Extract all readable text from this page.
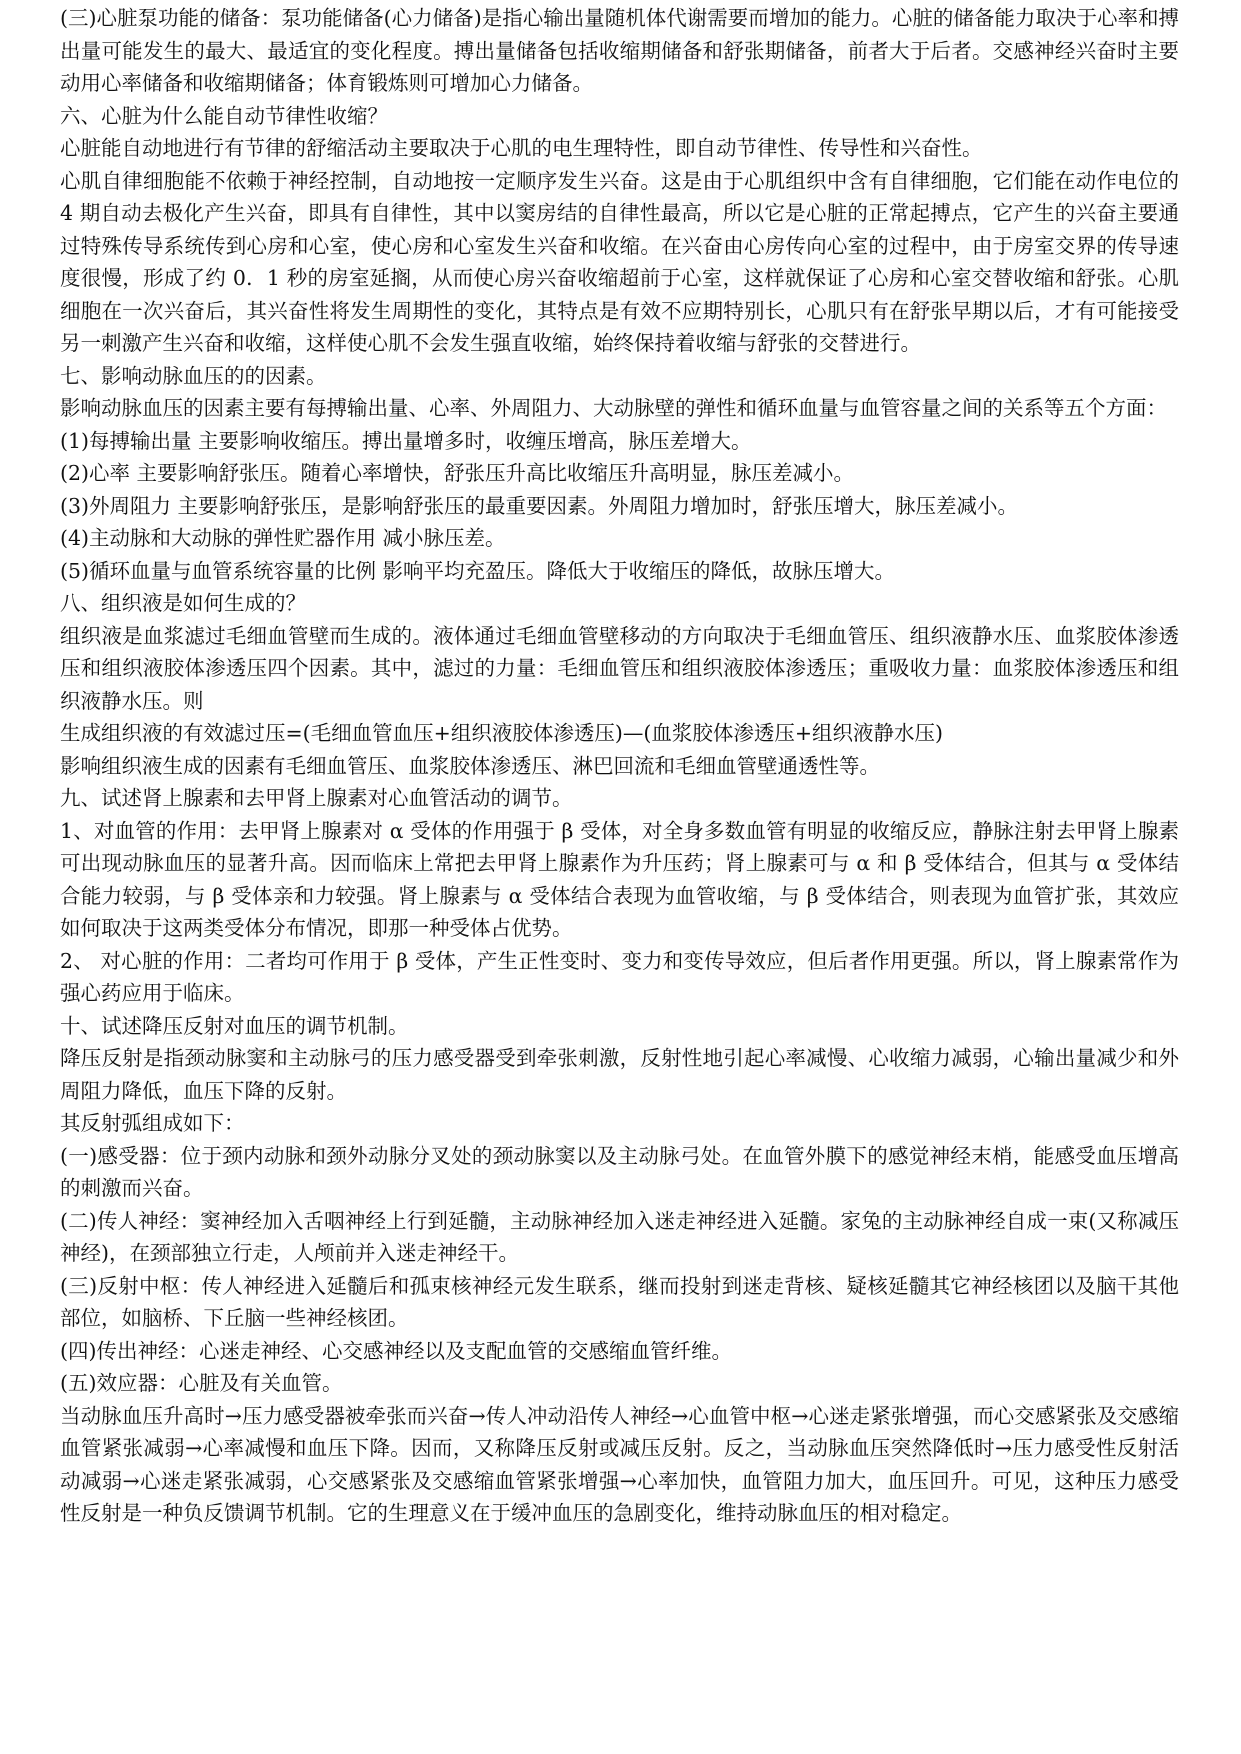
(三)心脏泵功能的储备：泵功能储备(心力储备)是指心输出量随机体代谢需要而增加的能力。心脏的储备能力取决于心率和搏出量可能发生的最大、最适宜的变化程度。搏出量储备包括收缩期储备和舒张期储备，前者大于后者。交感神经兴奋时主要动用心率储备和收缩期储备；体育锻炼则可增加心力储备。

六、心脏为什么能自动节律性收缩？

心脏能自动地进行有节律的舒缩活动主要取决于心肌的电生理特性，即自动节律性、传导性和兴奋性。

心肌自律细胞能不依赖于神经控制，自动地按一定顺序发生兴奋。这是由于心肌组织中含有自律细胞，它们能在动作电位的 4 期自动去极化产生兴奋，即具有自律性，其中以窦房结的自律性最高，所以它是心脏的正常起搏点，它产生的兴奋主要通过特殊传导系统传到心房和心室，使心房和心室发生兴奋和收缩。在兴奋由心房传向心室的过程中，由于房室交界的传导速度很慢，形成了约 0．1 秒的房室延搁，从而使心房兴奋收缩超前于心室，这样就保证了心房和心室交替收缩和舒张。心肌细胞在一次兴奋后，其兴奋性将发生周期性的变化，其特点是有效不应期特别长，心肌只有在舒张早期以后，才有可能接受另一刺激产生兴奋和收缩，这样使心肌不会发生强直收缩，始终保持着收缩与舒张的交替进行。

七、影响动脉血压的的因素。

影响动脉血压的因素主要有每搏输出量、心率、外周阻力、大动脉壁的弹性和循环血量与血管容量之间的关系等五个方面：

(1)每搏输出量 主要影响收缩压。搏出量增多时，收缠压增高，脉压差增大。

(2)心率 主要影响舒张压。随着心率增快，舒张压升高比收缩压升高明显，脉压差减小。

(3)外周阻力 主要影响舒张压，是影响舒张压的最重要因素。外周阻力增加时，舒张压增大，脉压差减小。

(4)主动脉和大动脉的弹性贮器作用 减小脉压差。

(5)循环血量与血管系统容量的比例 影响平均充盈压。降低大于收缩压的降低，故脉压增大。

八、组织液是如何生成的？

组织液是血浆滤过毛细血管壁而生成的。液体通过毛细血管壁移动的方向取决于毛细血管压、组织液静水压、血浆胶体渗透压和组织液胶体渗透压四个因素。其中，滤过的力量：毛细血管压和组织液胶体渗透压；重吸收力量：血浆胶体渗透压和组织液静水压。则

生成组织液的有效滤过压=(毛细血管血压+组织液胶体渗透压)—(血浆胶体渗透压+组织液静水压)

影响组织液生成的因素有毛细血管压、血浆胶体渗透压、淋巴回流和毛细血管壁通透性等。

九、试述肾上腺素和去甲肾上腺素对心血管活动的调节。

1、对血管的作用：去甲肾上腺素对 α 受体的作用强于 β 受体，对全身多数血管有明显的收缩反应，静脉注射去甲肾上腺素可出现动脉血压的显著升高。因而临床上常把去甲肾上腺素作为升压药；肾上腺素可与 α 和 β 受体结合，但其与 α 受体结合能力较弱，与 β 受体亲和力较强。肾上腺素与 α 受体结合表现为血管收缩，与 β 受体结合，则表现为血管扩张，其效应如何取决于这两类受体分布情况，即那一种受体占优势。

2、 对心脏的作用：二者均可作用于 β 受体，产生正性变时、变力和变传导效应，但后者作用更强。所以，肾上腺素常作为强心药应用于临床。

十、试述降压反射对血压的调节机制。

降压反射是指颈动脉窦和主动脉弓的压力感受器受到牵张刺激，反射性地引起心率减慢、心收缩力减弱，心输出量减少和外周阻力降低，血压下降的反射。

其反射弧组成如下：

(一)感受器：位于颈内动脉和颈外动脉分叉处的颈动脉窦以及主动脉弓处。在血管外膜下的感觉神经末梢，能感受血压增高的刺激而兴奋。

(二)传人神经：窦神经加入舌咽神经上行到延髓，主动脉神经加入迷走神经进入延髓。家兔的主动脉神经自成一束(又称减压神经)，在颈部独立行走，人颅前并入迷走神经干。

(三)反射中枢：传人神经进入延髓后和孤束核神经元发生联系，继而投射到迷走背核、疑核延髓其它神经核团以及脑干其他部位，如脑桥、下丘脑一些神经核团。

(四)传出神经：心迷走神经、心交感神经以及支配血管的交感缩血管纤维。

(五)效应器：心脏及有关血管。

当动脉血压升高时→压力感受器被牵张而兴奋→传人冲动沿传人神经→心血管中枢→心迷走紧张增强，而心交感紧张及交感缩血管紧张减弱→心率减慢和血压下降。因而，又称降压反射或减压反射。反之，当动脉血压突然降低时→压力感受性反射活动减弱→心迷走紧张减弱，心交感紧张及交感缩血管紧张增强→心率加快，血管阻力加大，血压回升。可见，这种压力感受性反射是一种负反馈调节机制。它的生理意义在于缓冲血压的急剧变化，维持动脉血压的相对稳定。
